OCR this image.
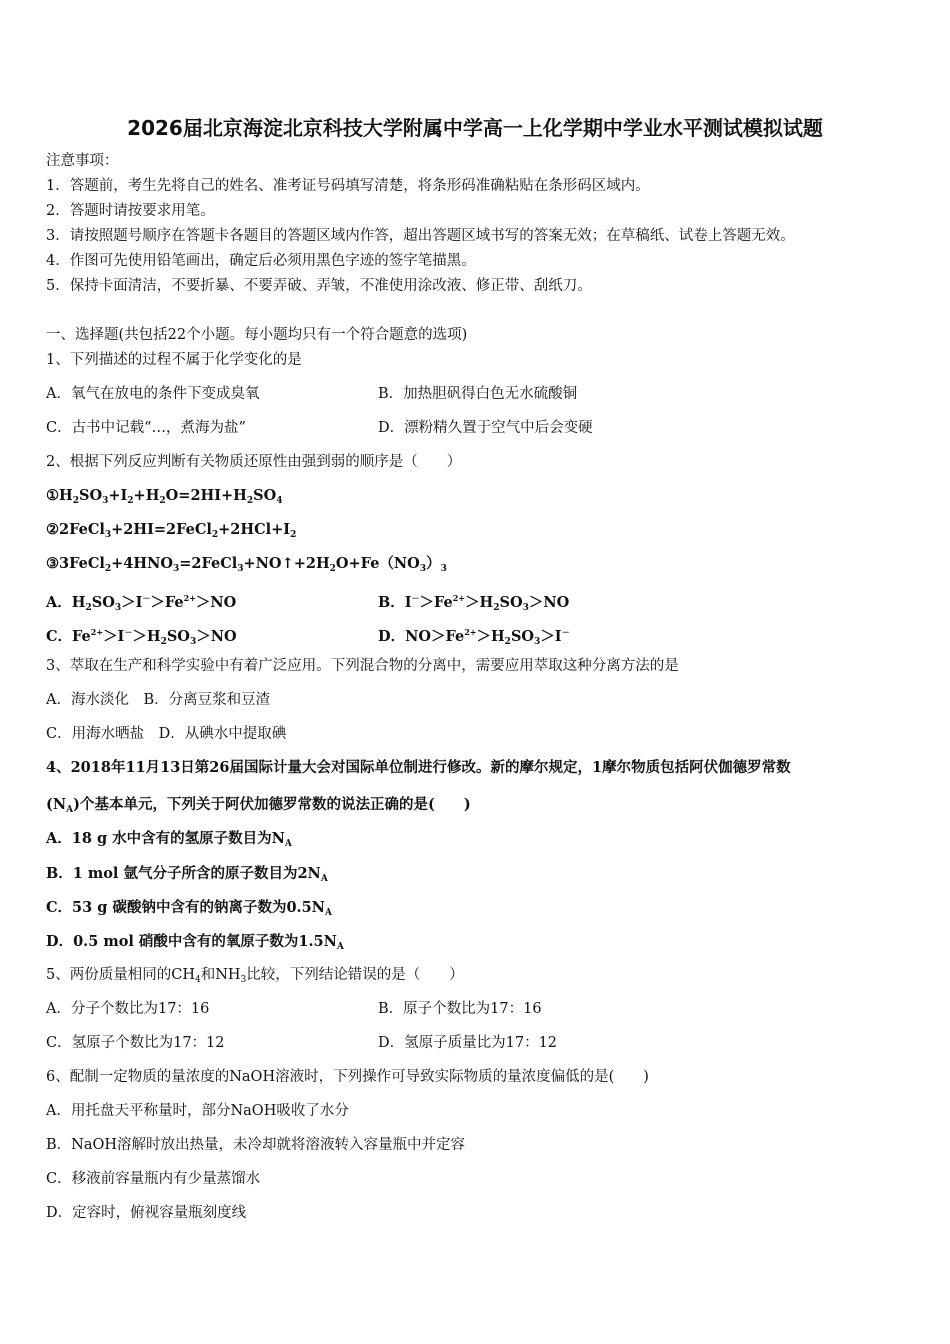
2026届北京海淀北京科技大学附属中学高一上化学期中学业水平测试模拟试题
注意事项：
1．答题前，考生先将自己的姓名、准考证号码填写清楚，将条形码准确粘贴在条形码区域内。
2．答题时请按要求用笔。
3．请按照题号顺序在答题卡各题目的答题区域内作答，超出答题区域书写的答案无效；在草稿纸、试卷上答题无效。
4．作图可先使用铅笔画出，确定后必须用黑色字迹的签字笔描黑。
5．保持卡面清洁，不要折暴、不要弄破、弄皱，不准使用涂改液、修正带、刮纸刀。
一、选择题(共包括22个小题。每小题均只有一个符合题意的选项)
1、下列描述的过程不属于化学变化的是
A．氧气在放电的条件下变成臭氧	B．加热胆矾得白色无水硫酸铜
C．古书中记载“…，煮海为盐”	D．漂粉精久置于空气中后会变硬
2、根据下列反应判断有关物质还原性由强到弱的顺序是（　　）
$①H_2SO_3+I_2+H_2O=2HI+H_2SO_4$
$②2FeCl_3+2HI=2FeCl_2+2HCl+I_2$
$③3FeCl_2+4HNO_3=2FeCl_3+NO↑+2H_2O+Fe(NO_3)_3$
A．$H_2SO_3>I^->Fe^{2+}>NO$	B．$I^->Fe^{2+}>H_2SO_3>NO$
C．$Fe^{2+}>I^->H_2SO_3>NO$	D．$NO>Fe^{2+}>H_2SO_3>I^-$
3、萃取在生产和科学实验中有着广泛应用。下列混合物的分离中，需要应用萃取这种分离方法的是
A．海水淡化　B．分离豆浆和豆渣
C．用海水晒盐　D．从碘水中提取碘
4、2018年11月13日第26届国际计量大会对国际单位制进行修改。新的摩尔规定，1摩尔物质包括阿伏伽德罗常数
$(N_A)$个基本单元，下列关于阿伏加德罗常数的说法正确的是(　　)
A．18 g 水中含有的氢原子数目为$N_A$
B．1 mol 氩气分子所含的原子数目为$2N_A$
C．53 g 碳酸钠中含有的钠离子数为$0.5N_A$
D．0.5 mol 硝酸中含有的氧原子数为$1.5N_A$
5、两份质量相同的$CH_4$和$NH_3$比较，下列结论错误的是（　　）
A．分子个数比为17：16	B．原子个数比为17：16
C．氢原子个数比为17：12	D．氢原子质量比为17：12
6、配制一定物质的量浓度的NaOH溶液时，下列操作可导致实际物质的量浓度偏低的是(　　)
A．用托盘天平称量时，部分NaOH吸收了水分
B．NaOH溶解时放出热量，未冷却就将溶液转入容量瓶中并定容
C．移液前容量瓶内有少量蒸馏水
D．定容时，俯视容量瓶刻度线
